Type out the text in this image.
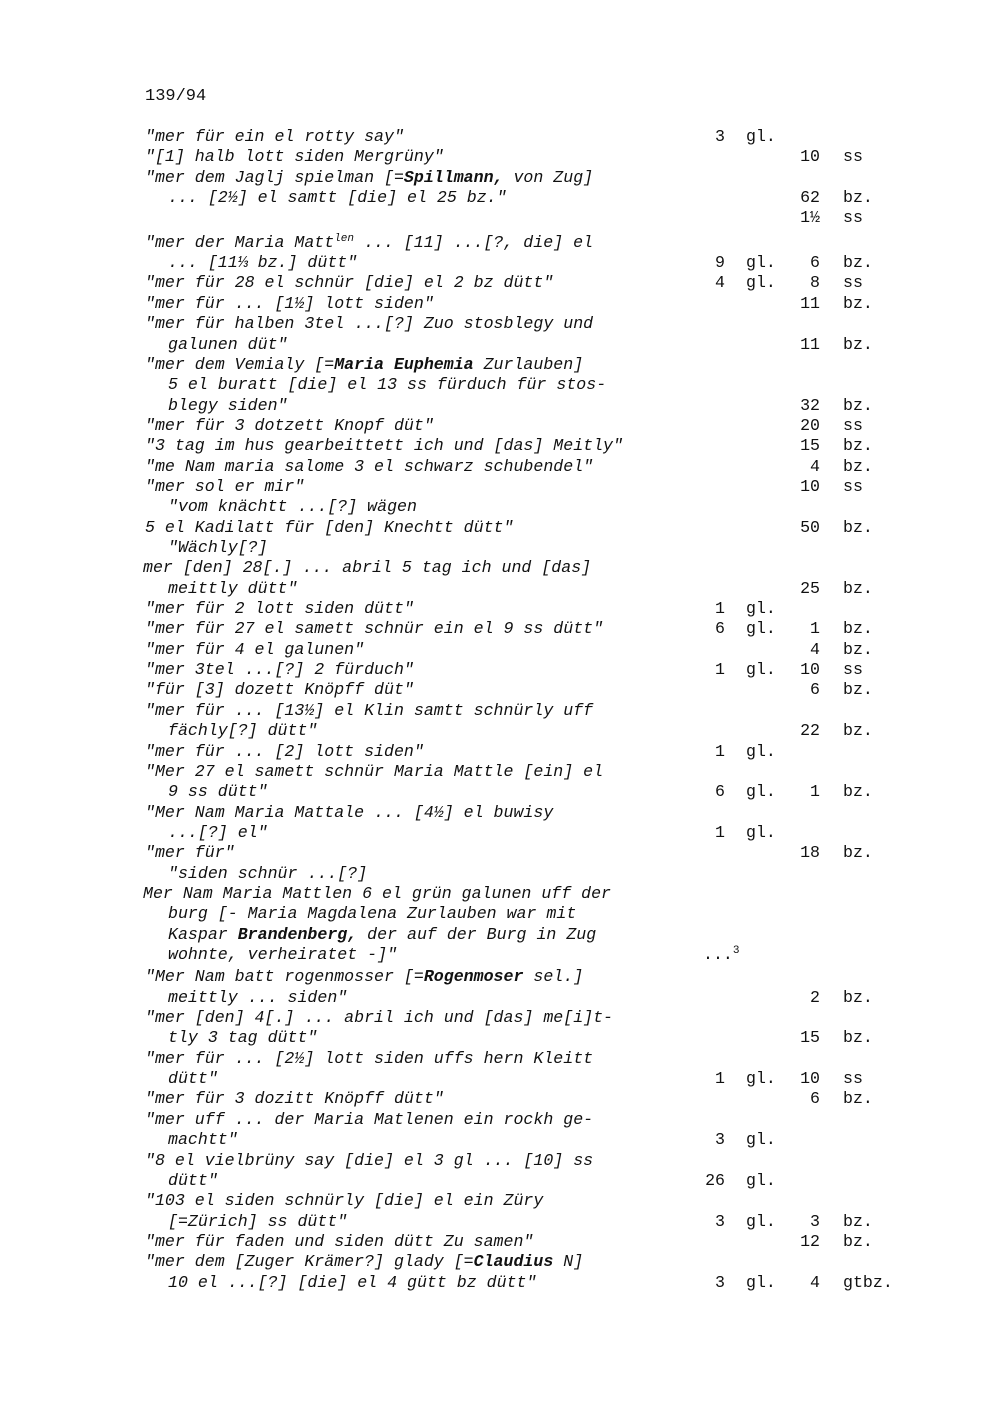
139/94
"mer für ein el rotty say"	3 gl.
"[1] halb lott siden Mergrüny"	10 ss
"mer dem Jaglj spielman [=Spillmann, von Zug]
... [2½] el samtt [die] el 25 bz."	62 bz.
1½ ss
"mer der Maria Matt$^{len}$ ... [11] ...[?, die] el
... [11⅓ bz.] dütt"	9 gl.	6 bz.
"mer für 28 el schnür [die] el 2 bz dütt"	4 gl.	8 ss
"mer für ... [1½] lott siden"	11 bz.
"mer für halben 3tel ...[?] Zuo stosblegy und
galunen düt"	11 bz.
"mer dem Vemialy [=Maria Euphemia Zurlauben]
5 el buratt [die] el 13 ss fürduch für stos-
blegy siden"	32 bz.
"mer für 3 dotzett Knopf düt"	20 ss
"3 tag im hus gearbeittett ich und [das] Meitly"	15 bz.
"me Nam maria salome 3 el schwarz schubendel"	4 bz.
"mer sol er mir"	10 ss
"vom knächtt ...[?] wägen
5 el Kadilatt für [den] Knechtt dütt"	50 bz.
"Wächly[?]
mer [den] 28[.] ... abril 5 tag ich und [das]
meittly dütt"	25 bz.
"mer für 2 lott siden dütt"	1 gl.
"mer für 27 el samett schnür ein el 9 ss dütt"	6 gl.	1 bz.
"mer für 4 el galunen"	4 bz.
"mer 3tel ...[?] 2 fürduch"	1 gl. 10 ss
"für [3] dozett Knöpff düt"	6 bz.
"mer für ... [13½] el Klin samtt schnürly uff
fächly[?] dütt"	22 bz.
"mer für ... [2] lott siden"	1 gl.
"Mer 27 el samett schnür Maria Mattle [ein] el
9 ss dütt"	6 gl.	1 bz.
"Mer Nam Maria Mattale ... [4½] el buwisy
...[?] el"	1 gl.
"mer für"	18 bz.
"siden schnür ...[?]
Mer Nam Maria Mattlen 6 el grün galunen uff der
burg [- Maria Magdalena Zurlauben war mit
Kaspar Brandenberg, der auf der Burg in Zug
wohnte, verheiratet -]"	...$^3$
"Mer Nam batt rogenmosser [=Rogenmoser sel.]
meittly ... siden"	2 bz.
"mer [den] 4[.] ... abril ich und [das] me[i]t-
tly 3 tag dütt"	15 bz.
"mer für ... [2½] lott siden uffs hern Kleitt
dütt"	1 gl. 10 ss
"mer für 3 dozitt Knöpff dütt"	6 bz.
"mer uff ... der Maria Matlenen ein rockh ge-
machtt"	3 gl.
"8 el vielbrüny say [die] el 3 gl ... [10] ss
dütt"	26 gl.
"103 el siden schnürly [die] el ein Züry
[=Zürich] ss dütt"	3 gl.	3 bz.
"mer für faden und siden dütt Zu samen"	12 bz.
"mer dem [Zuger Krämer?] glady [=Claudius N]
10 el ...[?] [die] el 4 gütt bz dütt"	3 gl.	4 gtbz.
